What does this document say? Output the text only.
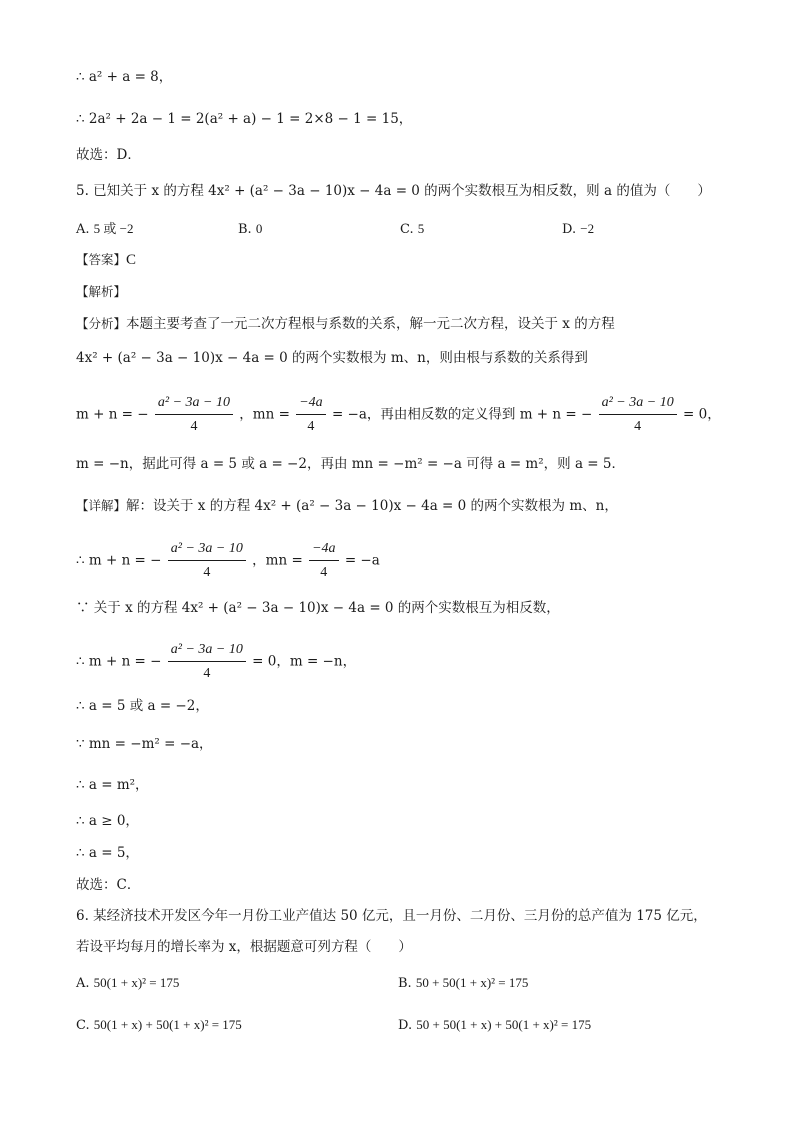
∴ a² + a = 8，
∴ 2a² + 2a − 1 = 2(a² + a) − 1 = 2×8 − 1 = 15，
故选：D．
5. 已知关于 x 的方程 4x² + (a² − 3a − 10)x − 4a = 0 的两个实数根互为相反数，则 a 的值为（　　）
A. 5 或 −2	B. 0	C. 5	D. −2
【答案】C
【解析】
【分析】本题主要考查了一元二次方程根与系数的关系，解一元二次方程，设关于 x 的方程
4x² + (a² − 3a − 10)x − 4a = 0 的两个实数根为 m、n，则由根与系数的关系得到
m + n = − $\frac{\text{a² − 3a − 10}}{4}$ ，mn = $\frac{-4a}{4} = -a$，再由相反数的定义得到 m + n = − $\frac{\text{a² − 3a − 10}}{4} = 0$，
m = −n，据此可得 a = 5 或 a = −2，再由 mn = −m² = −a 可得 a = m²，则 a = 5．
【详解】解：设关于 x 的方程 4x² + (a² − 3a − 10)x − 4a = 0 的两个实数根为 m、n，
∴ m + n = − $\frac{\text{a² − 3a − 10}}{4}$ ，mn = $\frac{-4a}{4} = -a$
∵ 关于 x 的方程 4x² + (a² − 3a − 10)x − 4a = 0 的两个实数根互为相反数，
∴ m + n = − $\frac{\text{a² − 3a − 10}}{4} = 0$，m = −n，
∴ a = 5 或 a = −2，
∵ mn = −m² = −a，
∴ a = m²，
∴ a ≥ 0，
∴ a = 5，
故选：C．
6. 某经济技术开发区今年一月份工业产值达 50 亿元，且一月份、二月份、三月份的总产值为 175 亿元，
若设平均每月的增长率为 x，根据题意可列方程（　　）
A. 50(1 + x)² = 175	B. 50 + 50(1 + x)² = 175
C. 50(1 + x) + 50(1 + x)² = 175	D. 50 + 50(1 + x) + 50(1 + x)² = 175
